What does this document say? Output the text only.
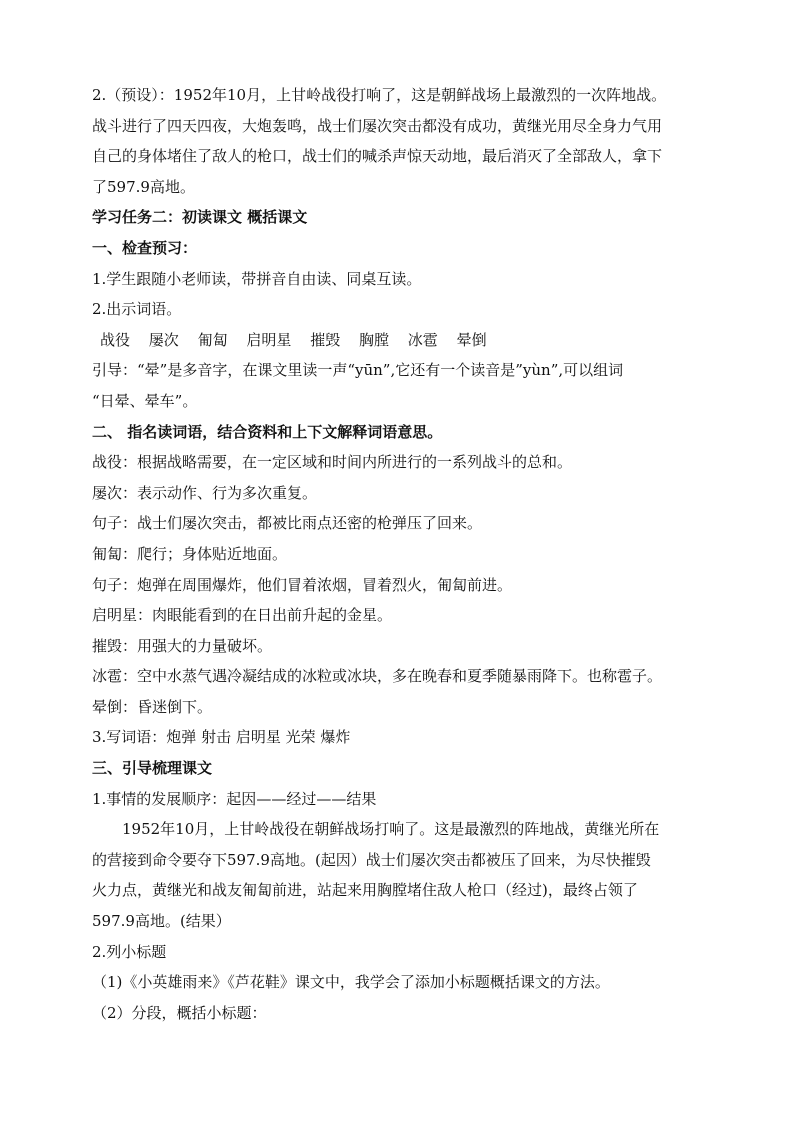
2.（预设）：1952年10月，上甘岭战役打响了，这是朝鲜战场上最激烈的一次阵地战。
战斗进行了四天四夜，大炮轰鸣，战士们屡次突击都没有成功，黄继光用尽全身力气用
自己的身体堵住了敌人的枪口，战士们的喊杀声惊天动地，最后消灭了全部敌人，拿下
了597.9高地。
学习任务二：初读课文 概括课文
一、检查预习：
1.学生跟随小老师读，带拼音自由读、同桌互读。
2.出示词语。
战役 屡次 匍匐 启明星 摧毁 胸膛 冰雹 晕倒
引导：“晕”是多音字，在课文里读一声“yūn”,它还有一个读音是”yùn”,可以组词
“日晕、晕车”。
二、 指名读词语，结合资料和上下文解释词语意思。
战役：根据战略需要，在一定区域和时间内所进行的一系列战斗的总和。
屡次：表示动作、行为多次重复。
句子：战士们屡次突击，都被比雨点还密的枪弹压了回来。
匍匐：爬行；身体贴近地面。
句子：炮弹在周围爆炸，他们冒着浓烟，冒着烈火，匍匐前进。
启明星：肉眼能看到的在日出前升起的金星。
摧毁：用强大的力量破坏。
冰雹：空中水蒸气遇冷凝结成的冰粒或冰块，多在晚春和夏季随暴雨降下。也称雹子。
晕倒：昏迷倒下。
3.写词语：炮弹 射击 启明星 光荣 爆炸
三、引导梳理课文
1.事情的发展顺序：起因——经过——结果
1952年10月，上甘岭战役在朝鲜战场打响了。这是最激烈的阵地战，黄继光所在
的营接到命令要夺下597.9高地。(起因）战士们屡次突击都被压了回来，为尽快摧毁
火力点，黄继光和战友匍匐前进，站起来用胸膛堵住敌人枪口（经过)，最终占领了
597.9高地。(结果）
2.列小标题
（1)《小英雄雨来》《芦花鞋》课文中，我学会了添加小标题概括课文的方法。
（2）分段，概括小标题：
